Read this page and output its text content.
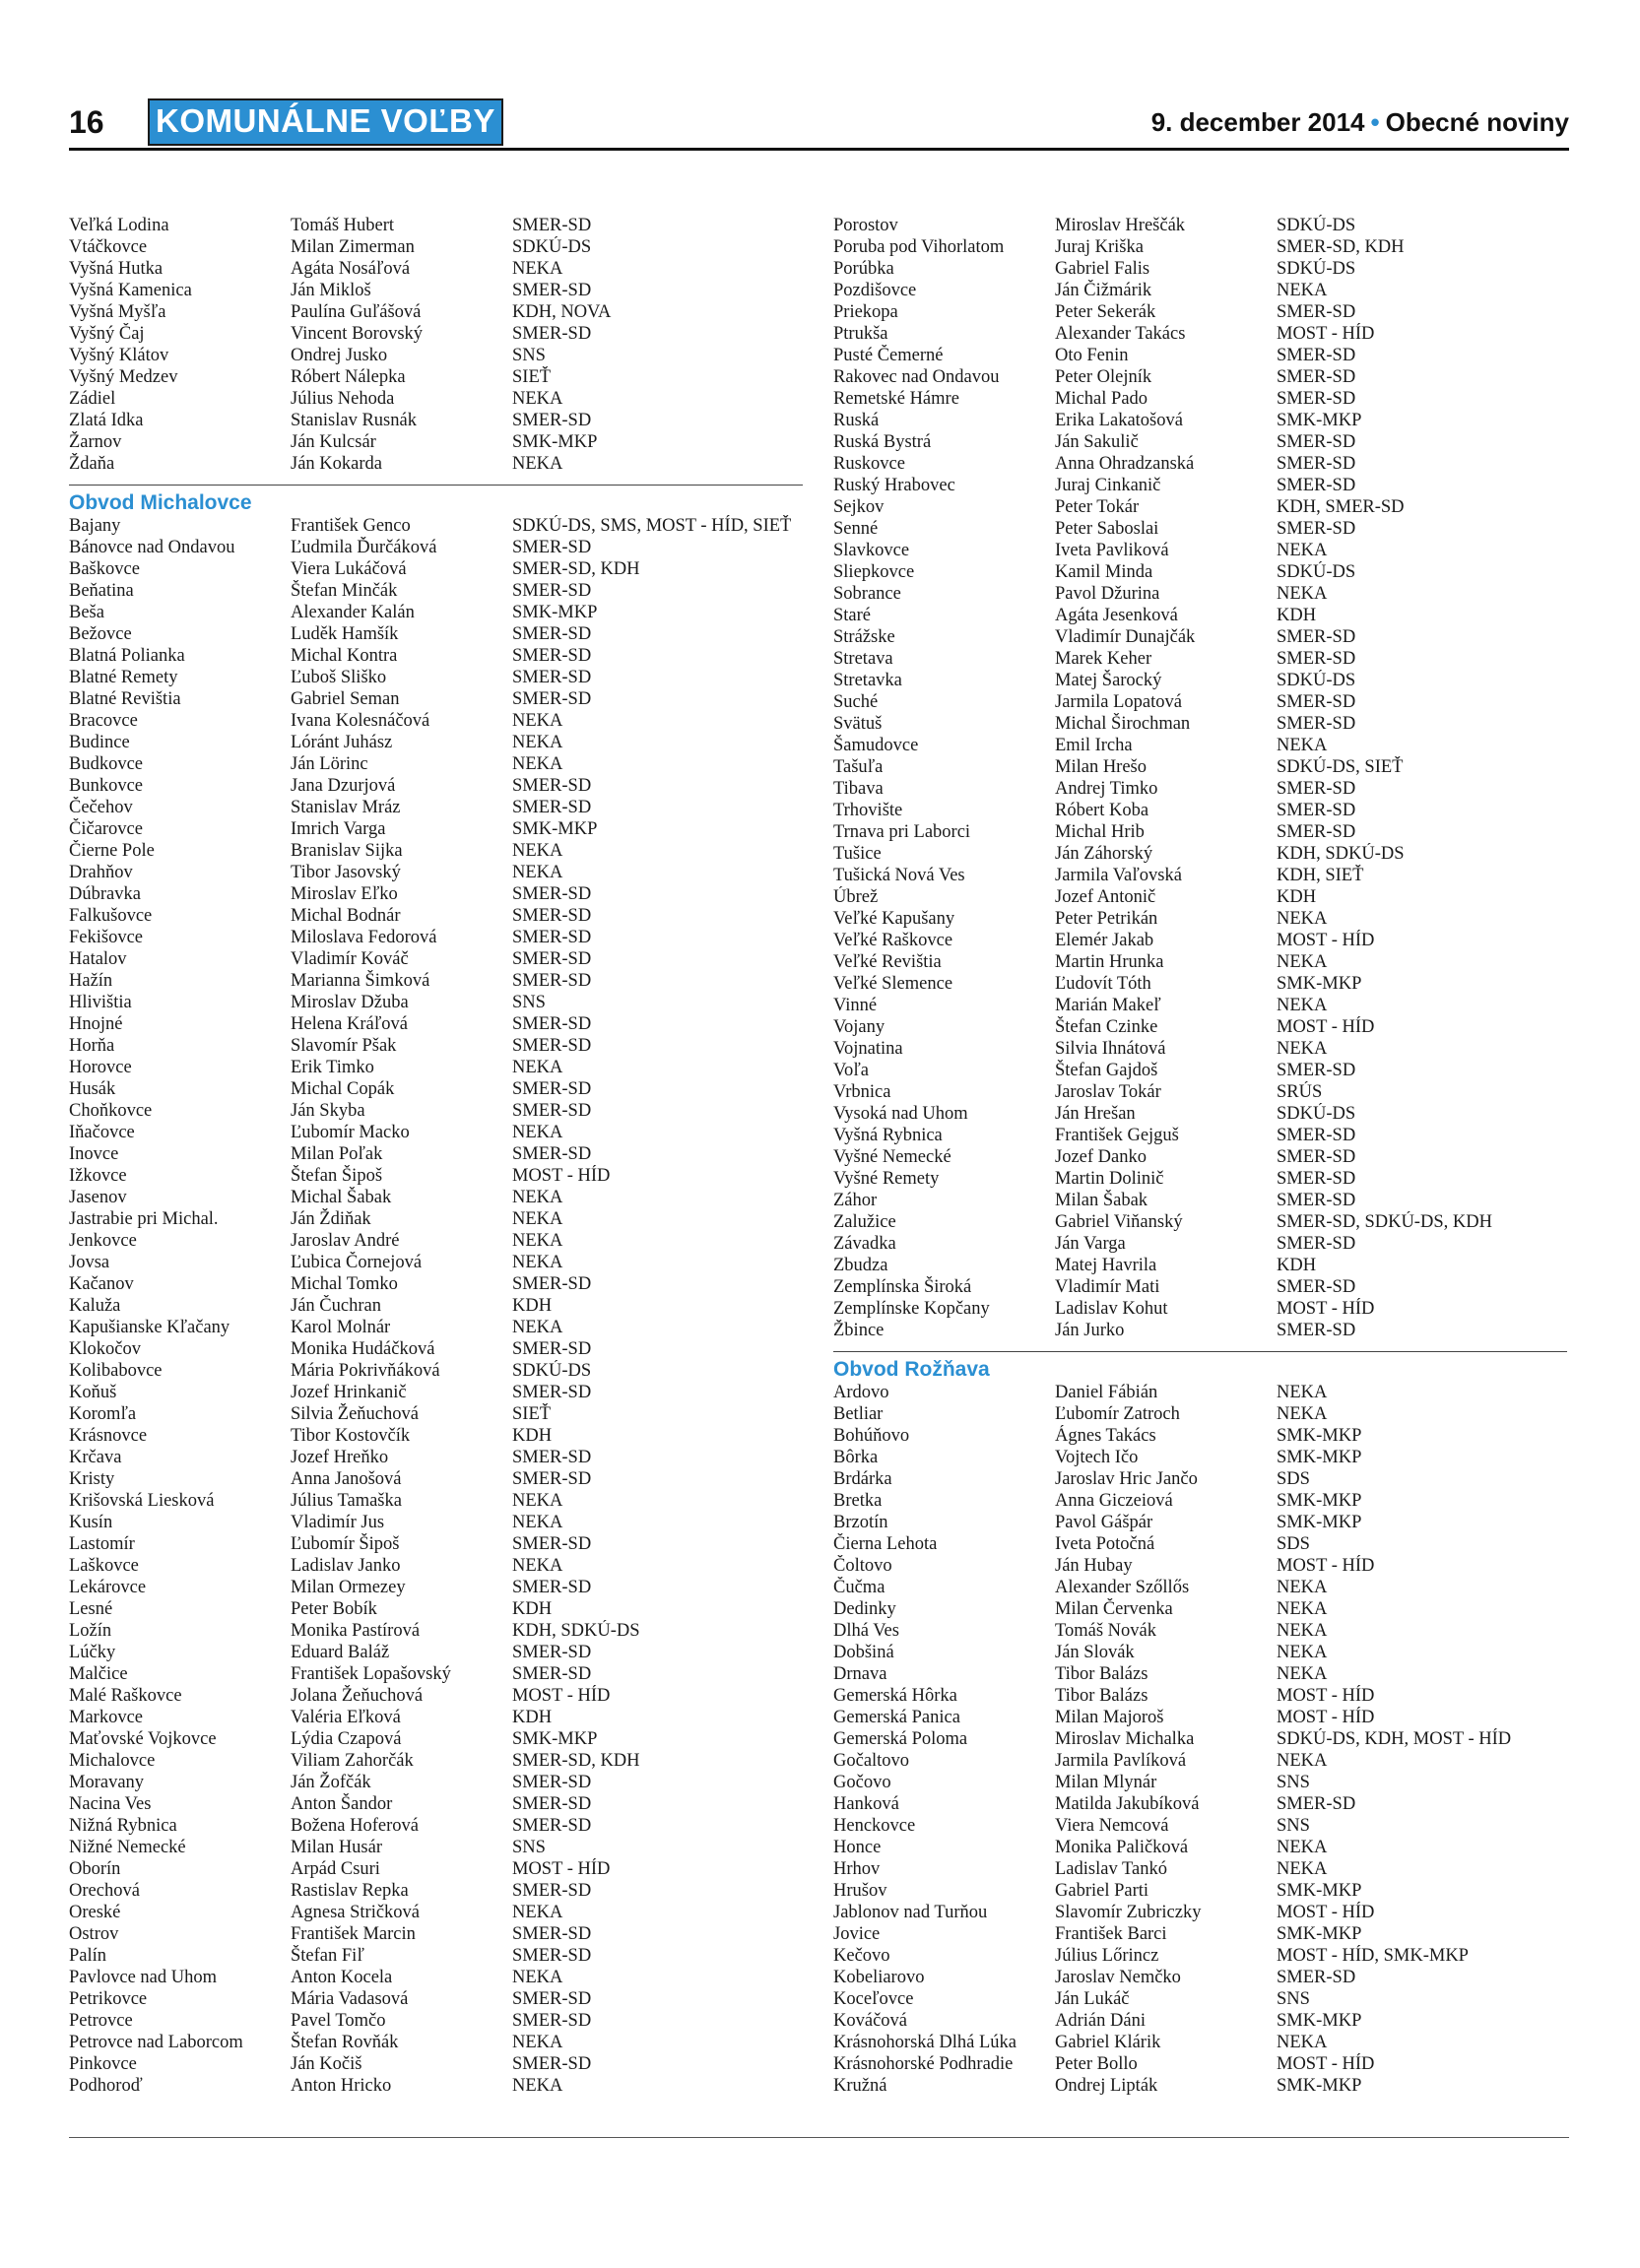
16 KOMUNÁLNE VOĽBY	9. december 2014 • Obecné noviny
Veľká Lodina	Tomáš Hubert	SMER-SD
Vtáčkovce	Milan Zimerman	SDKÚ-DS
Vyšná Hutka	Agáta Nosáľová	NEKA
Vyšná Kamenica	Ján Mikloš	SMER-SD
Vyšná Myšľa	Paulína Guľášová	KDH, NOVA
Vyšný Čaj	Vincent Borovský	SMER-SD
Vyšný Klátov	Ondrej Jusko	SNS
Vyšný Medzev	Róbert Nálepka	SIEŤ
Zádiel	Július Nehoda	NEKA
Zlatá Idka	Stanislav Rusnák	SMER-SD
Žarnov	Ján Kulcsár	SMK-MKP
Ždaňa	Ján Kokarda	NEKA
Obvod Michalovce
Bajany	František Genco	SDKÚ-DS, SMS, MOST - HÍD, SIEŤ
Bánovce nad Ondavou	Ľudmila Ďurčáková	SMER-SD
Baškovce	Viera Lukáčová	SMER-SD, KDH
Beňatina	Štefan Minčák	SMER-SD
Beša	Alexander Kalán	SMK-MKP
Bežovce	Luděk Hamšík	SMER-SD
Blatná Polianka	Michal Kontra	SMER-SD
Blatné Remety	Ľuboš Sliško	SMER-SD
Blatné Revištia	Gabriel Seman	SMER-SD
Bracovce	Ivana Kolesnáčová	NEKA
Budince	Lóránt Juhász	NEKA
Budkovce	Ján Lörinc	NEKA
Bunkovce	Jana Dzurjová	SMER-SD
Čečehov	Stanislav Mráz	SMER-SD
Čičarovce	Imrich Varga	SMK-MKP
Čierne Pole	Branislav Sijka	NEKA
Drahňov	Tibor Jasovský	NEKA
Dúbravka	Miroslav Eľko	SMER-SD
Falkušovce	Michal Bodnár	SMER-SD
Fekišovce	Miloslava Fedorová	SMER-SD
Hatalov	Vladimír Kováč	SMER-SD
Hažín	Marianna Šimková	SMER-SD
Hlivištia	Miroslav Džuba	SNS
Hnojné	Helena Kráľová	SMER-SD
Horňa	Slavomír Pšak	SMER-SD
Horovce	Erik Timko	NEKA
Husák	Michal Copák	SMER-SD
Choňkovce	Ján Skyba	SMER-SD
Iňačovce	Ľubomír Macko	NEKA
Inovce	Milan Poľak	SMER-SD
Ižkovce	Štefan Šipoš	MOST - HÍD
Jasenov	Michal Šabak	NEKA
Jastrabie pri Michal.	Ján Ždiňak	NEKA
Jenkovce	Jaroslav André	NEKA
Jovsa	Ľubica Čornejová	NEKA
Kačanov	Michal Tomko	SMER-SD
Kaluža	Ján Čuchran	KDH
Kapušianske Kľačany	Karol Molnár	NEKA
Klokočov	Monika Hudáčková	SMER-SD
Kolibabovce	Mária Pokrivňáková	SDKÚ-DS
Koňuš	Jozef Hrinkanič	SMER-SD
Koromľa	Silvia Žeňuchová	SIEŤ
Krásnovce	Tibor Kostovčík	KDH
Krčava	Jozef Hreňko	SMER-SD
Kristy	Anna Janošová	SMER-SD
Krišovská Liesková	Július Tamaška	NEKA
Kusín	Vladimír Jus	NEKA
Lastomír	Ľubomír Šipoš	SMER-SD
Laškovce	Ladislav Janko	NEKA
Lekárovce	Milan Ormezey	SMER-SD
Lesné	Peter Bobík	KDH
Ložín	Monika Pastírová	KDH, SDKÚ-DS
Lúčky	Eduard Baláž	SMER-SD
Malčice	František Lopašovský	SMER-SD
Malé Raškovce	Jolana Žeňuchová	MOST - HÍD
Markovce	Valéria Eľková	KDH
Maťovské Vojkovce	Lýdia Czapová	SMK-MKP
Michalovce	Viliam Zahorčák	SMER-SD, KDH
Moravany	Ján Žofčák	SMER-SD
Nacina Ves	Anton Šandor	SMER-SD
Nižná Rybnica	Božena Hoferová	SMER-SD
Nižné Nemecké	Milan Husár	SNS
Oborín	Arpád Csuri	MOST - HÍD
Orechová	Rastislav Repka	SMER-SD
Oreské	Agnesa Stričková	NEKA
Ostrov	František Marcin	SMER-SD
Palín	Štefan Fiľ	SMER-SD
Pavlovce nad Uhom	Anton Kocela	NEKA
Petrikovce	Mária Vadasová	SMER-SD
Petrovce	Pavel Tomčo	SMER-SD
Petrovce nad Laborcom	Štefan Rovňák	NEKA
Pinkovce	Ján Kočiš	SMER-SD
Podhoroď	Anton Hricko	NEKA
Porostov	Miroslav Hreščák	SDKÚ-DS
Poruba pod Vihorlatom	Juraj Kriška	SMER-SD, KDH
Porúbka	Gabriel Falis	SDKÚ-DS
Pozdišovce	Ján Čižmárik	NEKA
Priekopa	Peter Sekerák	SMER-SD
Ptrukša	Alexander Takács	MOST - HÍD
Pusté Čemerné	Oto Fenin	SMER-SD
Rakovec nad Ondavou	Peter Olejník	SMER-SD
Remetské Hámre	Michal Pado	SMER-SD
Ruská	Erika Lakatošová	SMK-MKP
Ruská Bystrá	Ján Sakulič	SMER-SD
Ruskovce	Anna Ohradzanská	SMER-SD
Ruský Hrabovec	Juraj Cinkanič	SMER-SD
Sejkov	Peter Tokár	KDH, SMER-SD
Senné	Peter Saboslai	SMER-SD
Slavkovce	Iveta Pavliková	NEKA
Sliepkovce	Kamil Minda	SDKÚ-DS
Sobrance	Pavol Džurina	NEKA
Staré	Agáta Jesenková	KDH
Strážske	Vladimír Dunajčák	SMER-SD
Stretava	Marek Keher	SMER-SD
Stretavka	Matej Šarocký	SDKÚ-DS
Suché	Jarmila Lopatová	SMER-SD
Svätuš	Michal Širochman	SMER-SD
Šamudovce	Emil Ircha	NEKA
Tašuľa	Milan Hrešo	SDKÚ-DS, SIEŤ
Tibava	Andrej Timko	SMER-SD
Trhovište	Róbert Koba	SMER-SD
Trnava pri Laborci	Michal Hrib	SMER-SD
Tušice	Ján Záhorský	KDH, SDKÚ-DS
Tušická Nová Ves	Jarmila Vaľovská	KDH, SIEŤ
Úbrež	Jozef Antonič	KDH
Veľké Kapušany	Peter Petrikán	NEKA
Veľké Raškovce	Elemér Jakab	MOST - HÍD
Veľké Revištia	Martin Hrunka	NEKA
Veľké Slemence	Ľudovít Tóth	SMK-MKP
Vinné	Marián Makeľ	NEKA
Vojany	Štefan Czinke	MOST - HÍD
Vojnatina	Silvia Ihnátová	NEKA
Voľa	Štefan Gajdoš	SMER-SD
Vrbnica	Jaroslav Tokár	SRÚS
Vysoká nad Uhom	Ján Hrešan	SDKÚ-DS
Vyšná Rybnica	František Gejguš	SMER-SD
Vyšné Nemecké	Jozef Danko	SMER-SD
Vyšné Remety	Martin Dolinič	SMER-SD
Záhor	Milan Šabak	SMER-SD
Zalužice	Gabriel Viňanský	SMER-SD, SDKÚ-DS, KDH
Závadka	Ján Varga	SMER-SD
Zbudza	Matej Havrila	KDH
Zemplínska Široká	Vladimír Mati	SMER-SD
Zemplínske Kopčany	Ladislav Kohut	MOST - HÍD
Žbince	Ján Jurko	SMER-SD
Obvod Rožňava
Ardovo	Daniel Fábián	NEKA
Betliar	Ľubomír Zatroch	NEKA
Bohúňovo	Ágnes Takács	SMK-MKP
Bôrka	Vojtech Ičo	SMK-MKP
Brdárka	Jaroslav Hric Jančo	SDS
Bretka	Anna Giczeiová	SMK-MKP
Brzotín	Pavol Gášpár	SMK-MKP
Čierna Lehota	Iveta Potočná	SDS
Čoltovo	Ján Hubay	MOST - HÍD
Čučma	Alexander Szőllős	NEKA
Dedinky	Milan Červenka	NEKA
Dlhá Ves	Tomáš Novák	NEKA
Dobšiná	Ján Slovák	NEKA
Drnava	Tibor Balázs	NEKA
Gemerská Hôrka	Tibor Balázs	MOST - HÍD
Gemerská Panica	Milan Majoroš	MOST - HÍD
Gemerská Poloma	Miroslav Michalka	SDKÚ-DS, KDH, MOST - HÍD
Gočaltovo	Jarmila Pavlíková	NEKA
Gočovo	Milan Mlynár	SNS
Hanková	Matilda Jakubíková	SMER-SD
Henckovce	Viera Nemcová	SNS
Honce	Monika Paličková	NEKA
Hrhov	Ladislav Tankó	NEKA
Hrušov	Gabriel Parti	SMK-MKP
Jablonov nad Turňou	Slavomír Zubriczky	MOST - HÍD
Jovice	František Barci	SMK-MKP
Kečovo	Július Lőrincz	MOST - HÍD, SMK-MKP
Kobeliarovo	Jaroslav Nemčko	SMER-SD
Koceľovce	Ján Lukáč	SNS
Kováčová	Adrián Dáni	SMK-MKP
Krásnohorská Dlhá Lúka	Gabriel Klárik	NEKA
Krásnohorské Podhradie	Peter Bollo	MOST - HÍD
Kružná	Ondrej Lipták	SMK-MKP
